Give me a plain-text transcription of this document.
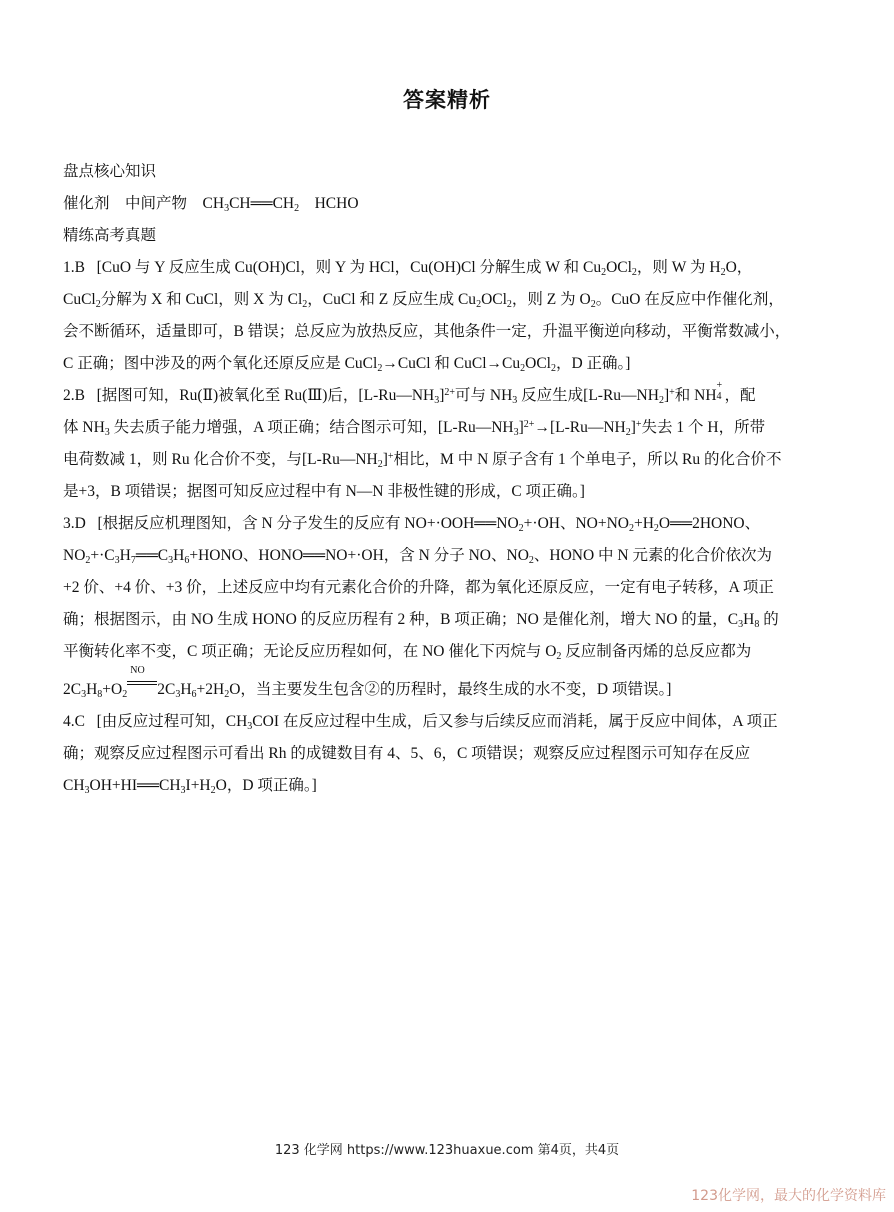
答案精析
盘点核心知识
催化剂 中间产物 $CH_3CH══CH_2$ HCHO
精练高考真题
1.B   [CuO 与 Y 反应生成 Cu(OH)Cl，则 Y 为 HCl，Cu(OH)Cl 分解生成 W 和 $Cu_2OCl_2$，则 W 为 $H_2O$，
CuCl$_2$分解为 X 和 CuCl，则 X 为 $Cl_2$，CuCl 和 Z 反应生成 $Cu_2OCl_2$，则 Z 为 $O_2$。CuO 在反应中作催化剂，
会不断循环，适量即可，B 错误；总反应为放热反应，其他条件一定，升温平衡逆向移动，平衡常数减小，
C 正确；图中涉及的两个氧化还原反应是 CuCl$_2$→CuCl 和 $CuCl\to Cu_2OCl_2$，D 正确。]
2.B   [据图可知，Ru(Ⅱ)被氧化至 Ru(Ⅲ)后，$[L-Ru—NH_3]^{2+}$可与 $NH_3$ 反应生成$[L-Ru—NH_2]^+$和 NH
+
4 ，配
体 $NH_3$ 失去质子能力增强，A 项正确；结合图示可知，$[L-Ru—NH_3]^{2+}\to[L-Ru—NH_2]^+$失去 1 个 H，所带
电荷数减 1，则 Ru 化合价不变，与$[L-Ru—NH_2]^+$相比，M 中 N 原子含有 1 个单电子，所以 Ru 的化合价不
是+3，B 项错误；据图可知反应过程中有 N—N 非极性键的形成，C 项正确。]
3.D   [根据反应机理图知，含 N 分子发生的反应有 $NO+\cdot OOH══NO_2+\cdot OH$、$NO+NO_2+H_2O══2HONO$、
$NO_2+\cdot C_3H_7══C_3H_6+HONO$、HONO══NO+·OH，含 N 分子 NO、$NO_2$、HONO 中 N 元素的化合价依次为
+2 价、+4 价、+3 价，上述反应中均有元素化合价的升降，都为氧化还原反应，一定有电子转移，A 项正
确；根据图示，由 NO 生成 HONO 的反应历程有 2 种，B 项正确；NO 是催化剂，增大 NO 的量，$C_3H_8$ 的
平衡转化率不变，C 项正确；无论反应历程如何，在 NO 催化下丙烷与 $O_2$ 反应制备丙烯的总反应都为
$2C_3H_8+O_2$
NO
$2C_3H_6+2H_2O$，当主要发生包含②的历程时，最终生成的水不变，D 项错误。]
4.C   [由反应过程可知，$CH_3COI$ 在反应过程中生成，后又参与后续反应而消耗，属于反应中间体，A 项正
确；观察反应过程图示可看出 Rh 的成键数目有 4、5、6，C 项错误；观察反应过程图示可知存在反应
$CH_3OH+HI══CH_3I+H_2O$，D 项正确。]
123 化学网 https://www.123huaxue.com 第4页，共4页
123化学网，最大的化学资料库
